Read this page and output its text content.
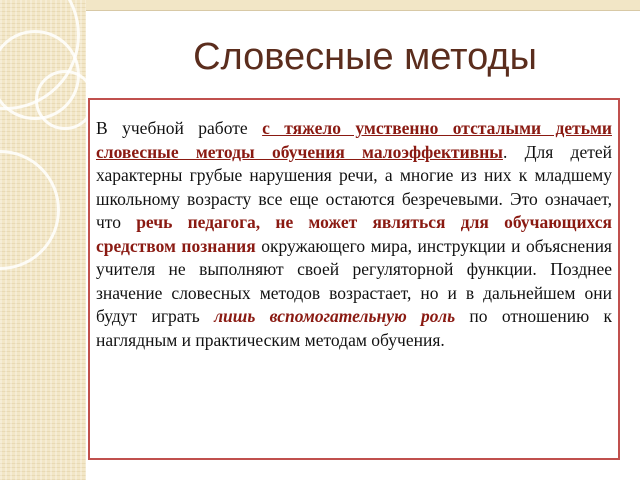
Словесные методы

В учебной работе с тяжело умственно отсталыми детьми словесные методы обучения малоэффективны. Для детей характерны грубые нарушения речи, а многие из них к младшему школьному возрасту все еще остаются безречевыми. Это означает, что речь педагога, не может являться для обучающихся средством познания окружающего мира, инструкции и объяснения учителя не выполняют своей регуляторной функции. Позднее значение словесных методов возрастает, но и в дальнейшем они будут играть лишь вспомогательную роль по отношению к наглядным и практическим методам обучения.
